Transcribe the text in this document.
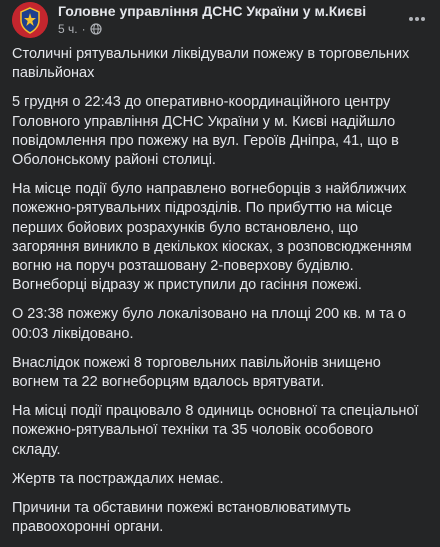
Головне управління ДСНС України у м.Києві
5 ч. ·

Столичні рятувальники ліквідували пожежу в торговельних павільйонах

5 грудня о 22:43 до оперативно-координаційного центру Головного управління ДСНС України у м. Києві надійшло повідомлення про пожежу на вул. Героїв Дніпра, 41, що в Оболонському районі столиці.

На місце події було направлено вогнеборців з найближчих пожежно-рятувальних підрозділів. По прибуттю на місце перших бойових розрахунків було встановлено, що загоряння виникло в декількох кіосках, з розповсюдженням вогню на поруч розташовану 2-поверхову будівлю. Вогнеборці відразу ж приступили до гасіння пожежі.

О 23:38 пожежу було локалізовано на площі 200 кв. м та о 00:03 ліквідовано.

Внаслідок пожежі 8 торговельних павільйонів знищено вогнем та 22 вогнеборцям вдалось врятувати.

На місці події працювало 8 одиниць основної та спеціальної пожежно-рятувальної техніки та 35 чоловік особового складу.

Жертв та постраждалих немає.

Причини та обставини пожежі встановлюватимуть правоохоронні органи.
